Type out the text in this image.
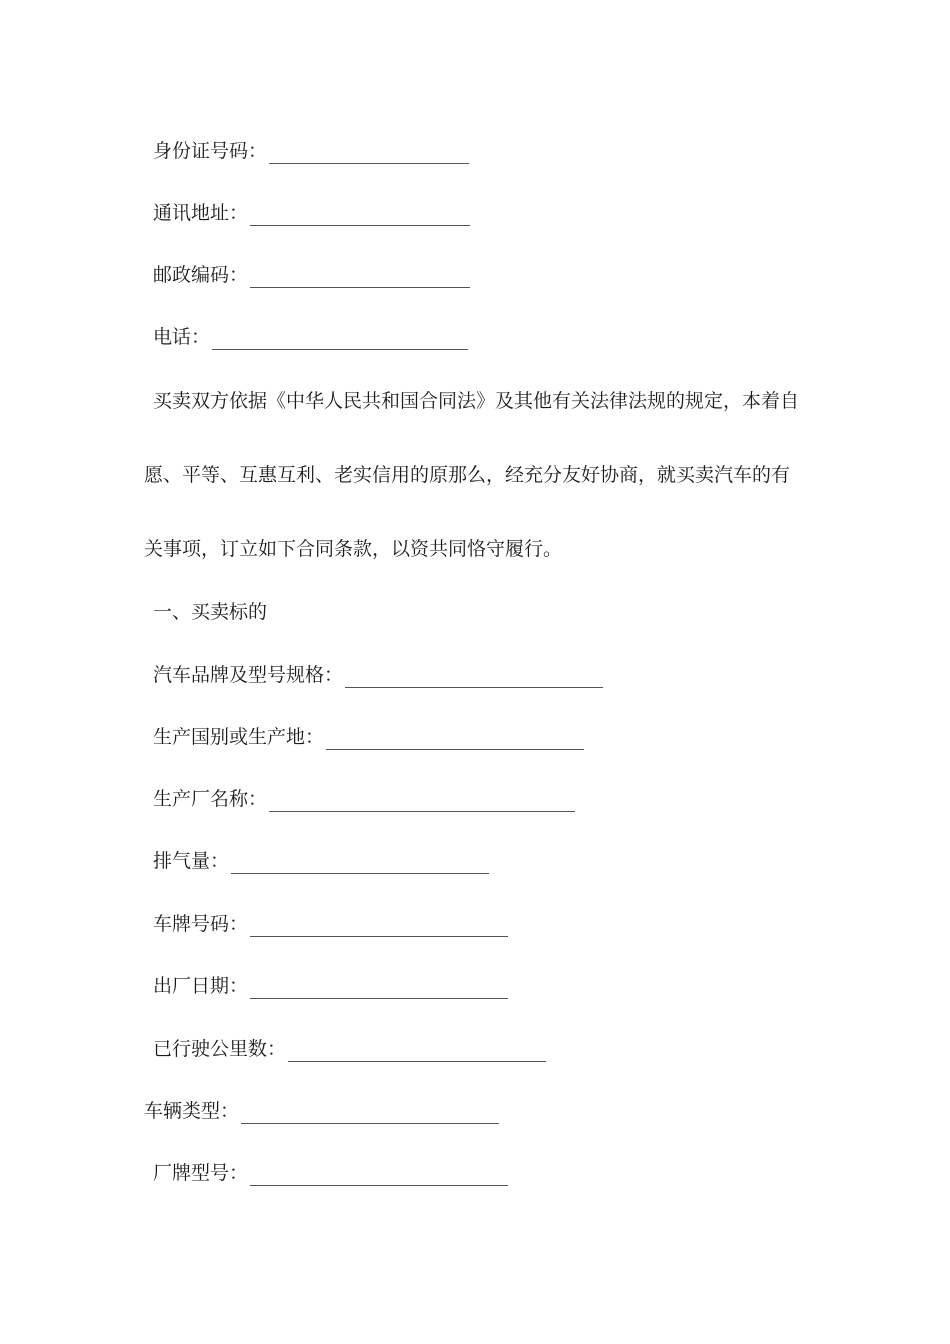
身份证号码：
通讯地址：
邮政编码：
电话：
买卖双方依据《中华人民共和国合同法》及其他有关法律法规的规定，本着自
愿、平等、互惠互利、老实信用的原那么，经充分友好协商，就买卖汽车的有
关事项，订立如下合同条款，以资共同恪守履行。
一、买卖标的
汽车品牌及型号规格：
生产国别或生产地：
生产厂名称：
排气量：
车牌号码：
出厂日期：
已行驶公里数：
车辆类型：
厂牌型号：
